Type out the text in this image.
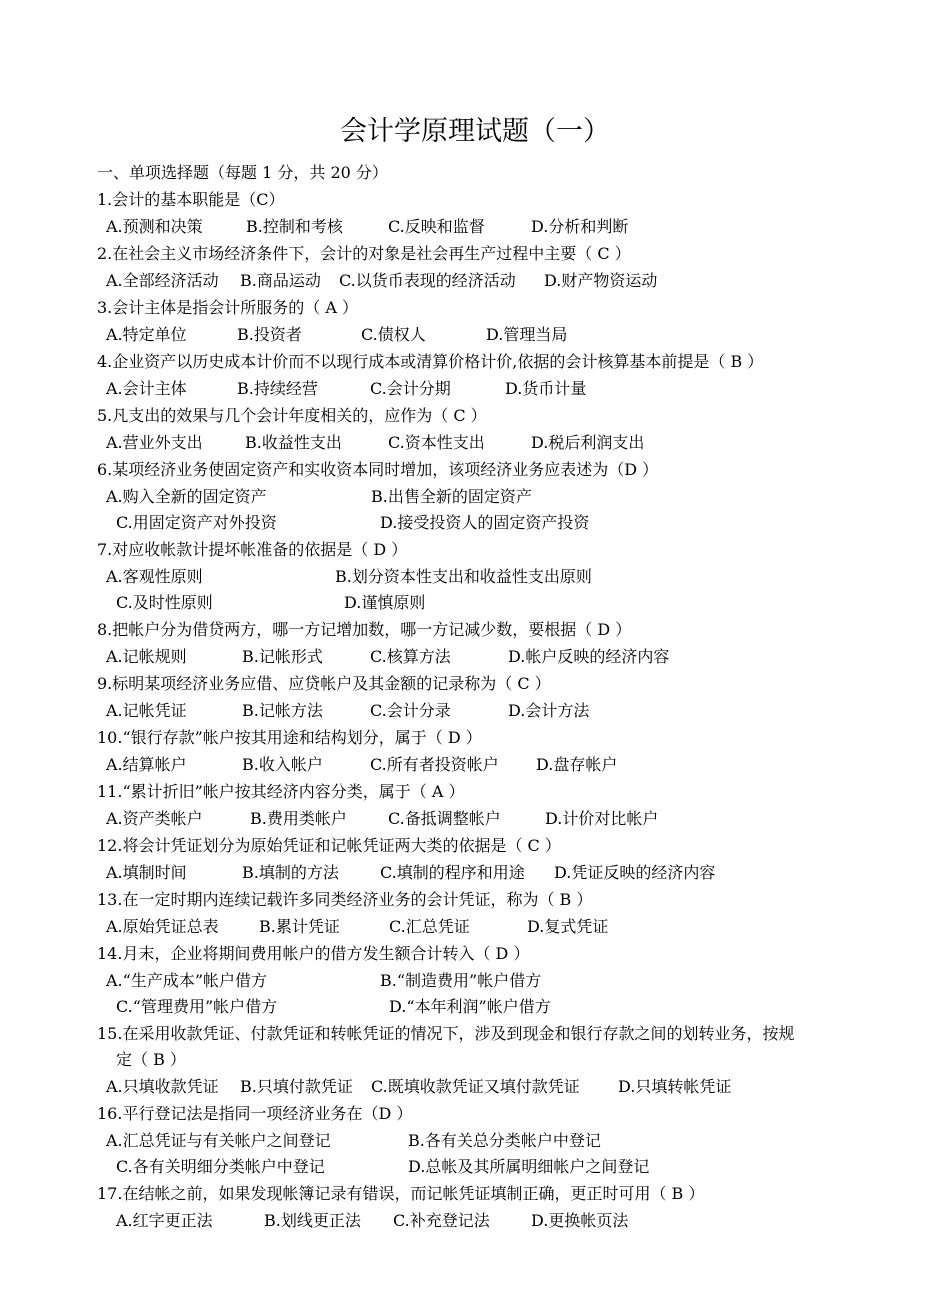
会计学原理试题（一）
一、单项选择题（每题 1 分，共 20 分）
1.会计的基本职能是（C）
A.预测和决策	B.控制和考核	C.反映和监督	D.分析和判断
2.在社会主义市场经济条件下，会计的对象是社会再生产过程中主要（ C ）
A.全部经济活动 B.商品运动 C.以货币表现的经济活动 D.财产物资运动
3.会计主体是指会计所服务的（ A ）
A.特定单位	B.投资者	C.债权人	D.管理当局
4.企业资产以历史成本计价而不以现行成本或清算价格计价,依据的会计核算基本前提是（ B ）
A.会计主体	B.持续经营	C.会计分期	D.货币计量
5.凡支出的效果与几个会计年度相关的，应作为（ C ）
A.营业外支出	B.收益性支出	C.资本性支出	D.税后利润支出
6.某项经济业务使固定资产和实收资本同时增加，该项经济业务应表述为（D ）
A.购入全新的固定资产	B.出售全新的固定资产
C.用固定资产对外投资	D.接受投资人的固定资产投资
7.对应收帐款计提坏帐准备的依据是（ D ）
A.客观性原则	B.划分资本性支出和收益性支出原则
C.及时性原则	D.谨慎原则
8.把帐户分为借贷两方，哪一方记增加数，哪一方记减少数，要根据（ D ）
A.记帐规则	B.记帐形式	C.核算方法	D.帐户反映的经济内容
9.标明某项经济业务应借、应贷帐户及其金额的记录称为（ C ）
A.记帐凭证	B.记帐方法	C.会计分录	D.会计方法
10.“银行存款”帐户按其用途和结构划分，属于（ D ）
A.结算帐户	B.收入帐户	C.所有者投资帐户 D.盘存帐户
11.“累计折旧”帐户按其经济内容分类，属于（ A ）
A.资产类帐户	B.费用类帐户	C.备抵调整帐户	D.计价对比帐户
12.将会计凭证划分为原始凭证和记帐凭证两大类的依据是（ C ）
A.填制时间	B.填制的方法	C.填制的程序和用途 D.凭证反映的经济内容
13.在一定时期内连续记载许多同类经济业务的会计凭证，称为（ B ）
A.原始凭证总表	B.累计凭证	C.汇总凭证	D.复式凭证
14.月末，企业将期间费用帐户的借方发生额合计转入（ D ）
A.“生产成本”帐户借方	B.“制造费用”帐户借方
C.“管理费用”帐户借方	D.“本年利润”帐户借方
15.在采用收款凭证、付款凭证和转帐凭证的情况下，涉及到现金和银行存款之间的划转业务，按规
定（ B ）
A.只填收款凭证 B.只填付款凭证 C.既填收款凭证又填付款凭证 D.只填转帐凭证
16.平行登记法是指同一项经济业务在（D ）
A.汇总凭证与有关帐户之间登记	B.各有关总分类帐户中登记
C.各有关明细分类帐户中登记	D.总帐及其所属明细帐户之间登记
17.在结帐之前，如果发现帐簿记录有错误，而记帐凭证填制正确，更正时可用（ B ）
A.红字更正法	B.划线更正法 C.补充登记法	D.更换帐页法
